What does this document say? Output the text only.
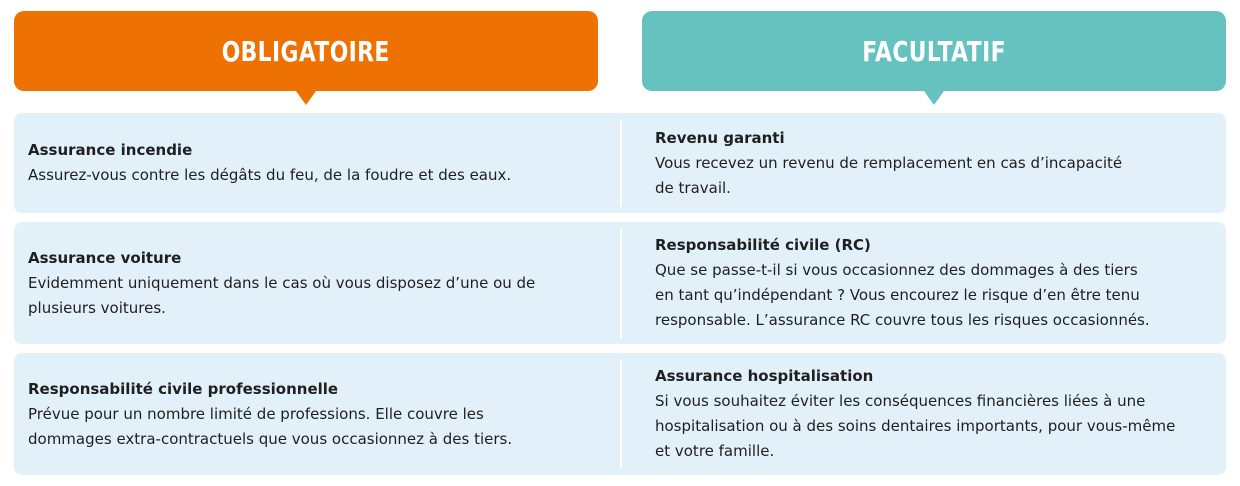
OBLIGATOIRE	FACULTATIF
Assurance incendie
Assurez-vous contre les dégâts du feu, de la foudre et des eaux.
Revenu garanti
Vous recevez un revenu de remplacement en cas d’incapacité
de travail.
Assurance voiture
Evidemment uniquement dans le cas où vous disposez d’une ou de
plusieurs voitures.
Responsabilité civile (RC)
Que se passe-t-il si vous occasionnez des dommages à des tiers
en tant qu’indépendant ? Vous encourez le risque d’en être tenu
responsable. L’assurance RC couvre tous les risques occasionnés.
Responsabilité civile professionnelle
Prévue pour un nombre limité de professions. Elle couvre les
dommages extra-contractuels que vous occasionnez à des tiers.
Assurance hospitalisation
Si vous souhaitez éviter les conséquences financières liées à une
hospitalisation ou à des soins dentaires importants, pour vous-même
et votre famille.
